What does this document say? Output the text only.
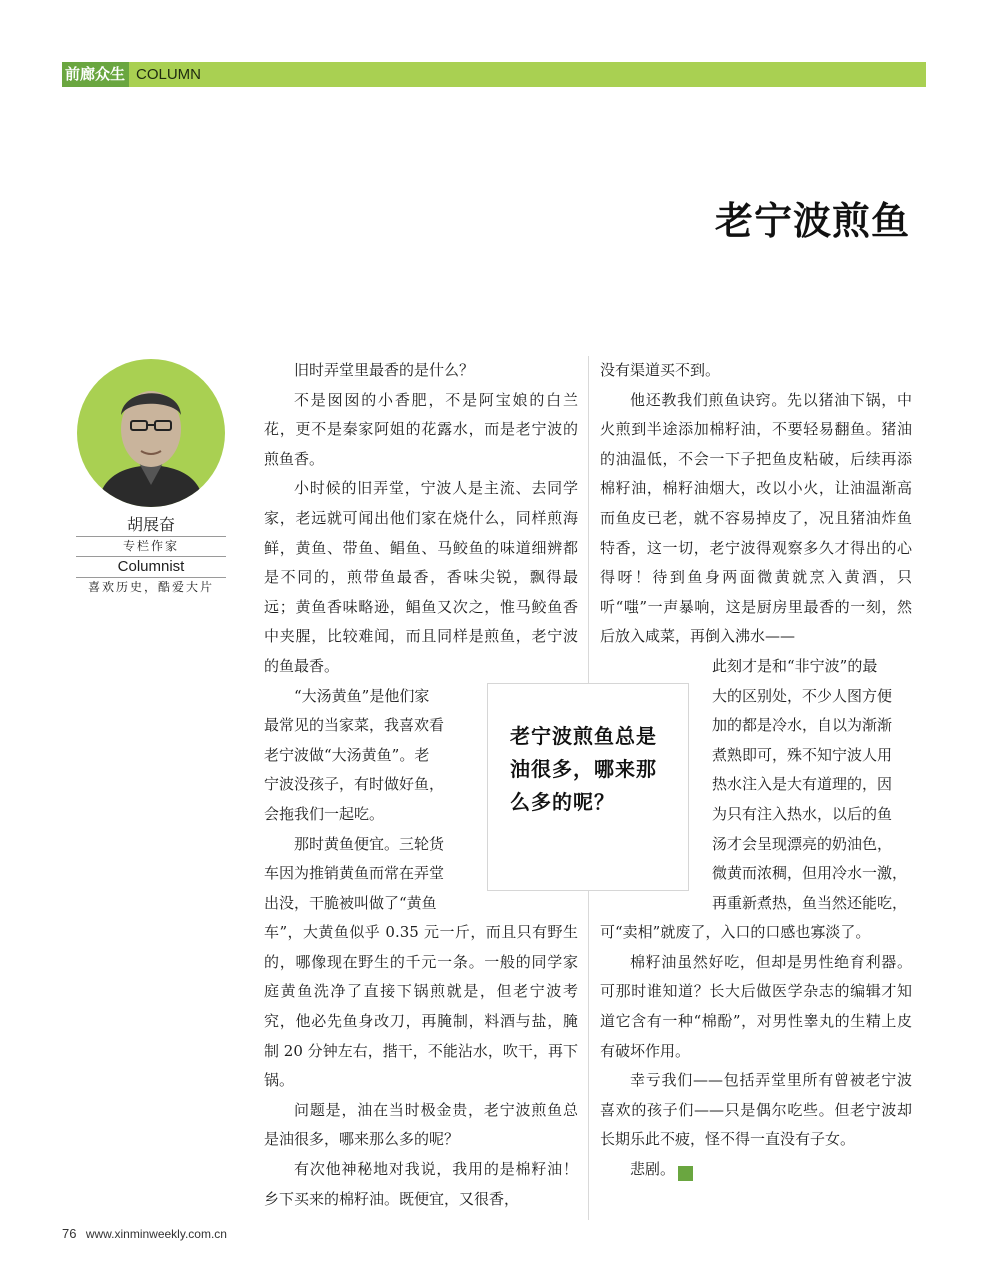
前廊众生 COLUMN
老宁波煎鱼
胡展奋
专栏作家
Columnist
喜欢历史，酷爱大片

旧时弄堂里最香的是什么？

不是囡囡的小香肥，不是阿宝娘的白兰花，更不是秦家阿姐的花露水，而是老宁波的煎鱼香。

小时候的旧弄堂，宁波人是主流、去同学家，老远就可闻出他们家在烧什么，同样煎海鲜，黄鱼、带鱼、鲳鱼、马鲛鱼的味道细辨都是不同的，煎带鱼最香，香味尖锐，飘得最远；黄鱼香味略逊，鲳鱼又次之，惟马鲛鱼香中夹腥，比较难闻，而且同样是煎鱼，老宁波的鱼最香。

“大汤黄鱼”是他们家
最常见的当家菜，我喜欢看
老宁波做“大汤黄鱼”。老
宁波没孩子，有时做好鱼，
会拖我们一起吃。
那时黄鱼便宜。三轮货
车因为推销黄鱼而常在弄堂
出没，干脆被叫做了“黄鱼

车”，大黄鱼似乎 0.35 元一斤，而且只有野生的，哪像现在野生的千元一条。一般的同学家庭黄鱼洗净了直接下锅煎就是，但老宁波考究，他必先鱼身改刀，再腌制，料酒与盐，腌制 20 分钟左右，揩干，不能沾水，吹干，再下锅。

问题是，油在当时极金贵，老宁波煎鱼总是油很多，哪来那么多的呢？

有次他神秘地对我说，我用的是棉籽油！乡下买来的棉籽油。既便宜，又很香，

老宁波煎鱼总是油很多，哪来那么多的呢？

没有渠道买不到。

他还教我们煎鱼诀窍。先以猪油下锅，中火煎到半途添加棉籽油，不要轻易翻鱼。猪油的油温低，不会一下子把鱼皮粘破，后续再添棉籽油，棉籽油烟大，改以小火，让油温渐高而鱼皮已老，就不容易掉皮了，况且猪油炸鱼特香，这一切，老宁波得观察多久才得出的心得呀！待到鱼身两面微黄就烹入黄酒，只听“嗤”一声暴响，这是厨房里最香的一刻，然后放入咸菜，再倒入沸水——

此刻才是和“非宁波”的最
大的区别处，不少人图方便
加的都是冷水，自以为渐渐
煮熟即可，殊不知宁波人用
热水注入是大有道理的，因
为只有注入热水，以后的鱼
汤才会呈现漂亮的奶油色，
微黄而浓稠，但用冷水一激，
再重新煮热，鱼当然还能吃，

可“卖相”就废了，入口的口感也寡淡了。

棉籽油虽然好吃，但却是男性绝育利器。可那时谁知道？长大后做医学杂志的编辑才知道它含有一种“棉酚”，对男性睾丸的生精上皮有破坏作用。

幸亏我们——包括弄堂里所有曾被老宁波喜欢的孩子们——只是偶尔吃些。但老宁波却长期乐此不疲，怪不得一直没有子女。

悲剧。	民

76 www.xinminweekly.com.cn
